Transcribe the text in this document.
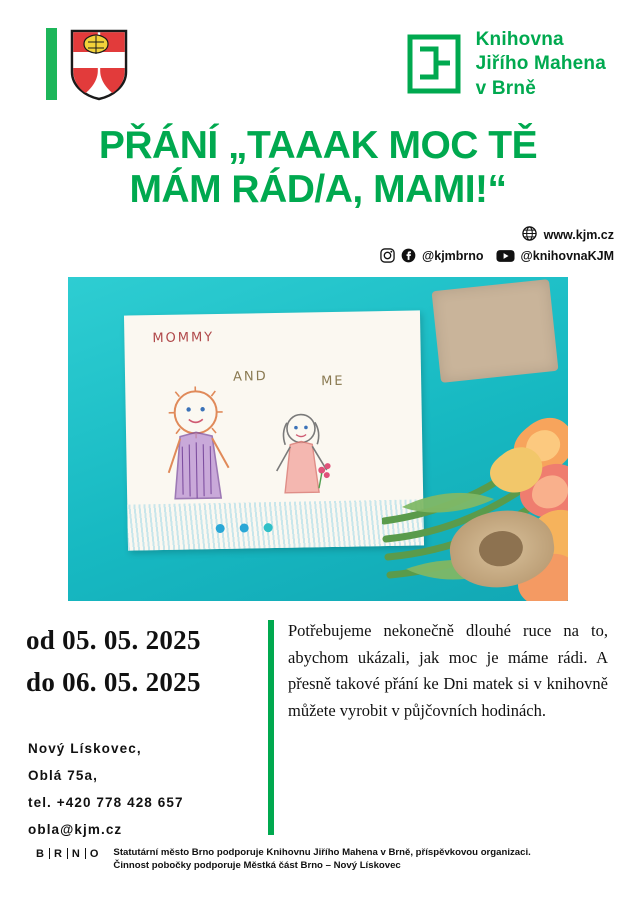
Knihovna
Jiřího Mahena
v Brně
PŘÁNÍ „TAAAK MOC TĚ
MÁM RÁD/A, MAMI!“
www.kjm.cz
@kjmbrno	@knihovnaKJM
MOMMY
AND	ME
od 05. 05. 2025
do 06. 05. 2025
Nový Lískovec,
Oblá 75a,
tel. +420 778 428 657
obla@kjm.cz
Potřebujeme nekonečně dlouhé ruce na to, abychom ukázali, jak moc je máme rádi. A přesně takové přání ke Dni matek si v knihovně můžete vyrobit v půjčovních hodinách.
B R N O	Statutární město Brno podporuje Knihovnu Jiřího Mahena v Brně, příspěvkovou organizaci.
Činnost pobočky podporuje Městká část Brno – Nový Lískovec
